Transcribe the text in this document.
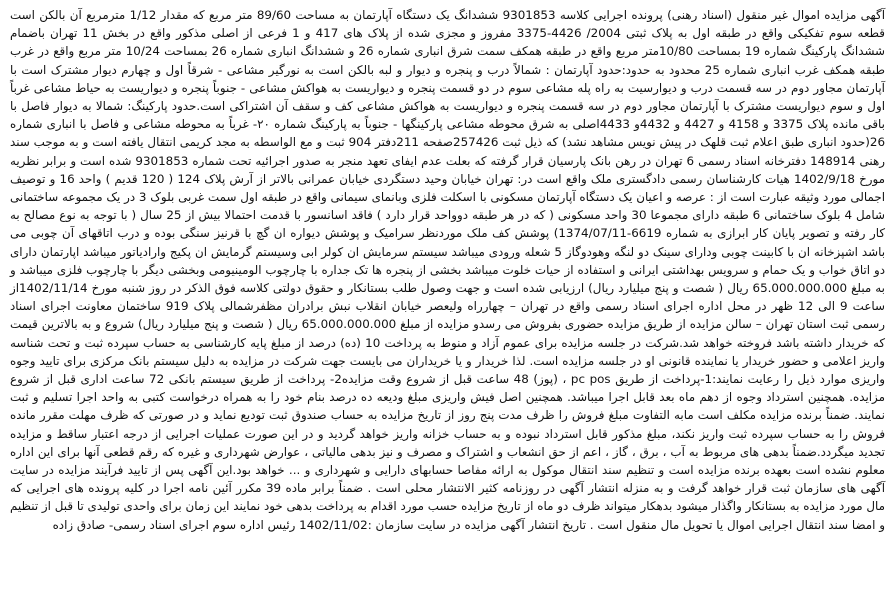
آگهی مزایده اموال غیر منقول (اسناد رهنی) پرونده اجرایی کلاسه 9301853 ششدانگ یک دستگاه آپارتمان به مساحت 89/60 متر مربع که مقدار 1/12 مترمربع آن بالکن است قطعه سوم تفکیکی واقع در طبقه اول به پلاک ثبتی 2004/ 4426-3375 مفروز و مجزی شده از پلاک های 417 و 1 فرعی از اصلی مذکور واقع در بخش 11 تهران باضمام ششدانگ پارکینگ شماره 19 بمساحت 10/80متر مربع واقع در طبقه همکف سمت شرق انباری شماره 26 و ششدانگ انباری شماره 26 بمساحت 10/24 متر مربع واقع در غرب طبقه همکف غرب انباری شماره 25 محدود به حدود:حدود آپارتمان : شمالاً درب و پنجره و دیوار و لبه بالکن است به نورگیر مشاعی - شرقاً اول و چهارم دیوار مشترک است با آپارتمان مجاور دوم در سه قسمت درب و دیوارسیت به راه پله مشاعی سوم در دو قسمت پنجره و دیواریست به هواکش مشاعی - جنوباً پنجره و دیواریست به حیاط مشاعی غرباً اول و سوم دیواریست مشترک با آپارتمان مجاور دوم در سه قسمت پنجره و دیواریست به هواکش مشاعی کف و سقف آن اشتراکی است.حدود پارکینگ: شمالا به دیوار فاصل با باقی مانده پلاک 3375 و 4158 و 4427 و 4432و 4433اصلی به شرق محوطه مشاعی پارکینگها - جنوباً به پارکینگ شماره ۲۰- غرباً به محوطه مشاعی و فاصل با انباری شماره 26(حدود انباری طبق اعلام ثبت قلهک در پیش نویس مشاهد نشد) که ذیل ثبت 257426صفحه 211دفتر 904 ثبت و مع الواسطه به مجد کریمی انتقال یافته است و به موجب سند رهنی 148914 دفترخانه اسناد رسمی 6 تهران در رهن بانک پارسیان قرار گرفته که بعلت عدم ایفای تعهد منجر به صدور اجرائیه تحت شماره 9301853 شده است و برابر نظریه مورخ 1402/9/18 هیات کارشناسان رسمی دادگستری ملک واقع است در: تهران خیابان وحید دستگردی خیابان عمرانی بالاتر از آرش پلاک 124 ( 120 قدیم ) واحد 16 و توصیف اجمالی مورد وثیقه عبارت است از : عرصه و اعیان یک دستگاه آپارتمان مسکونی با اسکلت فلزی وبانمای سیمانی واقع در طبقه اول سمت غربی بلوک 3 در یک مجموعه ساختمانی شامل 4 بلوک ساختمانی 6 طبقه دارای مجموعا 30 واحد مسکونی ( که در هر طبقه دوواحد قرار دارد ) فاقد اسانسور با قدمت احتمالا بیش از 25 سال ( با توجه به نوع مصالح به کار رفته و تصویر پایان کار ابرازی به شماره 6619-1374/07/11) پوشش کف ملک موردنظر سرامیک و پوشش دیواره ان گچ با قرنیز سنگی بوده و درب اتاقهای آن چوبی می باشد اشپزخانه ان با کابینت چوبی ودارای سینک دو لنگه وهودوگاز 5 شعله ورودی میباشد سیستم سرمایش ان کولر ابی وسیستم گرمایش ان پکیج وارادیاتور میباشد اپارتمان دارای دو اتاق خواب و یک حمام و سرویس بهداشتی ایرانی و استفاده از حیات خلوت میباشد بخشی از پنجره ها تک جداره با چارچوب الومینیومی وبخشی دیگر با چارچوب فلزی میباشد و به مبلغ 65.000.000.000 ریال ( شصت و پنج میلیارد ریال) ارزیابی شده است و جهت وصول طلب بستانکار و حقوق دولتی کلاسه فوق الذکر در روز شنبه مورخ 1402/11/14از ساعت 9 الی 12 ظهر در محل اداره اجرای اسناد رسمی واقع در تهران – چهارراه ولیعصر خیابان انقلاب نبش برادران مظفرشمالی پلاک 919 ساختمان معاونت اجرای اسناد رسمی ثبت استان تهران – سالن مزایده از طریق مزایده حضوری بفروش می رسدو مزایده از مبلغ 65.000.000.000 ریال ( شصت و پنج میلیارد ریال) شروع و به بالاترین قیمت که خریدار داشته باشد فروخته خواهد شد.شرکت در جلسه مزایده برای عموم آزاد و منوط به پرداخت 10 (ده) درصد از مبلغ پایه کارشناسی به حساب سپرده ثبت و تحت شناسه واریز اعلامی و حضور خریدار یا نماینده قانونی او در جلسه مزایده است. لذا خریدار و یا خریداران می بایست جهت شرکت در مزایده به دلیل سیستم بانک مرکزی برای تایید وجوه واریزی موارد ذیل را رعایت نمایند:1-پرداخت از طریق pc pos ، (پوز) 48 ساعت قبل از شروع وقت مزایده2- پرداخت از طریق سیستم بانکی 72 ساعت اداری قبل از شروع مزایده. همچنین استرداد وجوه از دهم ماه بعد قابل اجرا میباشد. همچنین اصل فیش واریزی مبلغ ودیعه ده درصد بنام خود را به همراه درخواست کتبی به واحد اجرا تسلیم و ثبت نمایند. ضمناً برنده مزایده مکلف است مابه التفاوت مبلغ فروش را ظرف مدت پنج روز از تاریخ مزایده به حساب صندوق ثبت تودیع نماید و در صورتی که ظرف مهلت مقرر مانده فروش را به حساب سپرده ثبت واریز نکند، مبلغ مذکور قابل استرداد نبوده و به حساب خزانه واریز خواهد گردید و در این صورت عملیات اجرایی از درجه اعتبار ساقط و مزایده تجدید میگردد.ضمناً بدهی های مربوط به آب ، برق ، گاز ، اعم از حق انشعاب و اشتراک و مصرف و نیز بدهی مالیاتی ، عوارض شهرداری و غیره که رقم قطعی آنها برای این اداره معلوم نشده است بعهده برنده مزایده است و تنظیم سند انتقال موکول به ارائه مفاصا حسابهای دارایی و شهرداری و ... خواهد بود.این آگهی پس از تایید فرآیند مزایده در سایت آگهی های سازمان ثبت قرار خواهد گرفت و به منزله انتشار آگهی در روزنامه کثیر الانتشار محلی است . ضمناً برابر ماده 39 مکرر آئین نامه اجرا در کلیه پرونده های اجرایی که مال مورد مزایده به بستانکار واگذار میشود بدهکار میتواند ظرف دو ماه از تاریخ مزایده حسب مورد اقدام به پرداخت بدهی خود نمایند این زمان برای واحدی تولیدی تا قبل از تنظیم و امضا سند انتقال اجرایی اموال یا تحویل مال منقول است . تاریخ انتشار آگهی مزایده در سایت سازمان :1402/11/02 رئیس اداره سوم اجرای اسناد رسمی- صادق زاده
